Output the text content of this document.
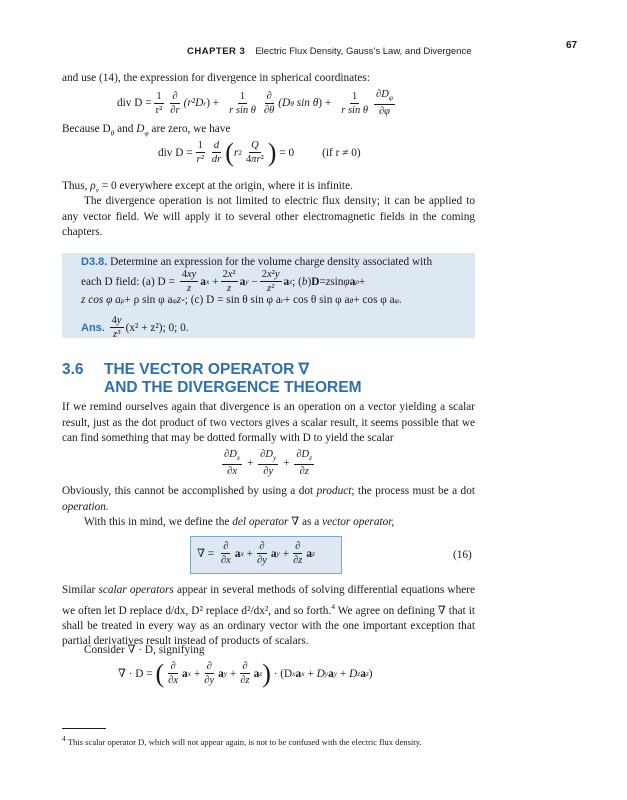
CHAPTER 3 Electric Flux Density, Gauss’s Law, and Divergence
67

and use (14), the expression for divergence in spherical coordinates:

div $D = \frac{1}{\text{r²}} \frac{\partial}{\partial r} (r^2D$ r ) + $\frac{1}{\text{r sin θ}} \frac{\partial}{\partial\theta} (D$ θ
sin θ ) + $\frac{1}{\text{r sin θ}} \frac{\partial D_\varphi}{\partial\varphi}$

Because $D_\theta$ and $D_\varphi$ are zero, we have

div $D = \frac{1}{\text{r²}} \frac{d}{dr}$ ( r $2 \frac{Q}{\text{4πr²}}$ )
= 0 (if r ≠ 0)

Thus, $\rho_v = 0$ everywhere except at the origin, where it is infinite.

The divergence operation is not limited to electric flux density; it can be applied to any vector field. We will apply it to several other electromagnetic fields in the coming chapters.

D3.8. Determine an expression for the volume charge density associated with
each D field: (a) D =
$\frac{4xy}{z}$ a $x + \frac{\text{2x²}}{z}$ a $y - \frac{\text{2x²y}}{\text{z²}}$ a z ; ( b ) D = z sin φ a ρ +
z cos φ a ρ + ρ sin φ a φ z - ; (c) D = sin θ sin φ a r + cos θ sin φ a θ + cos φ a φ .
Ans.
$\frac{4y}{\text{z³}} (x^2 + z^2)$; 0; 0.
3.6 THE VECTOR OPERATOR ∇
AND THE DIVERGENCE THEOREM

If we remind ourselves again that divergence is an operation on a vector yielding a scalar result, just as the dot product of two vectors gives a scalar result, it seems possible that we can find something that may be dotted formally with D to yield the scalar

$\frac{\partial D_x}{\partial x} + \frac{\partial D_y}{\partial y} + \frac{\partial D_z}{\partial z}$

Obviously, this cannot be accomplished by using a dot product; the process must be a dot operation.

With this in mind, we define the del operator ∇ as a vector operator,

∇ = $\frac{\partial}{\partial x}$ a $x + \frac{\partial}{\partial y}$ a $y + \frac{\partial}{\partial z}$ a z	(16)

Similar scalar operators appear in several methods of solving differential equations where we often let D replace d/dx, D² replace d²/dx², and so forth.$^4$ We agree on defining ∇ that it shall be treated in every way as an ordinary vector with the one important exception that partial derivatives result instead of products of scalars.

Consider ∇ · D, signifying

∇ · D =
( $\frac{\partial}{\partial x}$ a $x + \frac{\partial}{\partial y}$ a $y + \frac{\partial}{\partial z}$ a z )
· (D x a x + D y a y + D z a z )
$^4$ This scalar operator D, which will not appear again, is not to be confused with the electric flux density.
